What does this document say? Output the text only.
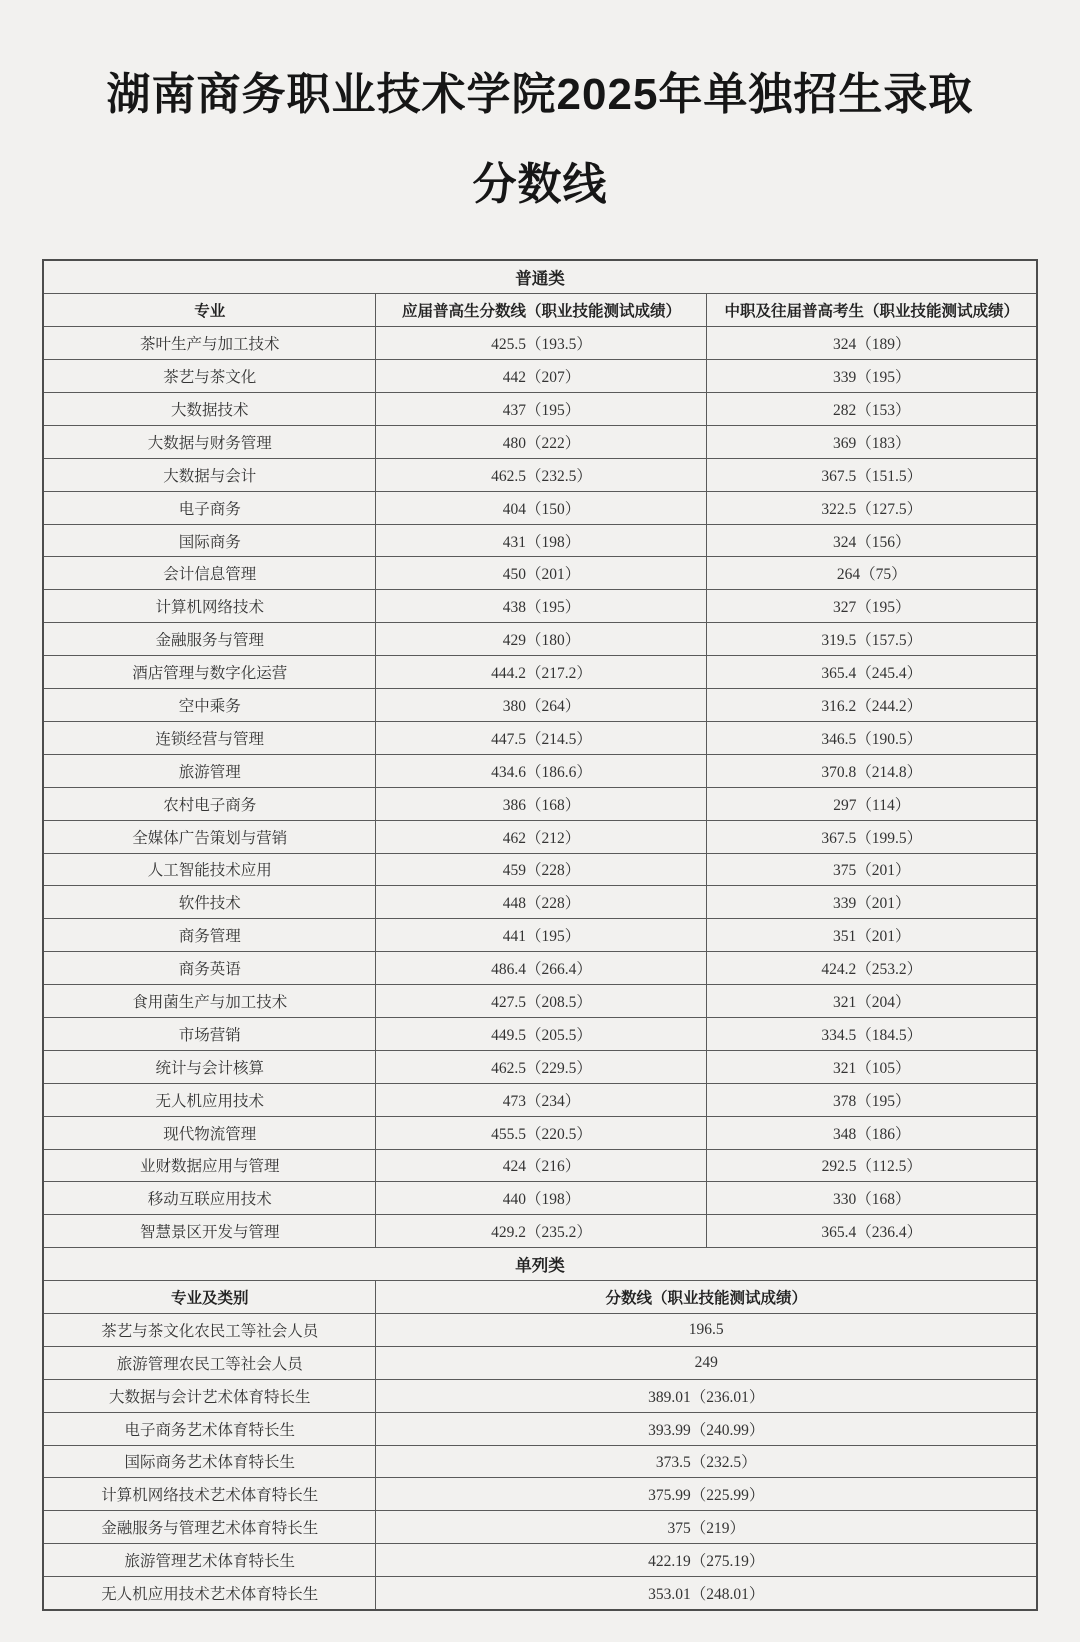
湖南商务职业技术学院2025年单独招生录取
分数线
普通类		
专业	应届普高生分数线（职业技能测试成绩）	中职及往届普高考生（职业技能测试成绩）
茶叶生产与加工技术	425.5（193.5）	324（189）
茶艺与茶文化	442（207）	339（195）
大数据技术	437（195）	282（153）
大数据与财务管理	480（222）	369（183）
大数据与会计	462.5（232.5）	367.5（151.5）
电子商务	404（150）	322.5（127.5）
国际商务	431（198）	324（156）
会计信息管理	450（201）	264（75）
计算机网络技术	438（195）	327（195）
金融服务与管理	429（180）	319.5（157.5）
酒店管理与数字化运营	444.2（217.2）	365.4（245.4）
空中乘务	380（264）	316.2（244.2）
连锁经营与管理	447.5（214.5）	346.5（190.5）
旅游管理	434.6（186.6）	370.8（214.8）
农村电子商务	386（168）	297（114）
全媒体广告策划与营销	462（212）	367.5（199.5）
人工智能技术应用	459（228）	375（201）
软件技术	448（228）	339（201）
商务管理	441（195）	351（201）
商务英语	486.4（266.4）	424.2（253.2）
食用菌生产与加工技术	427.5（208.5）	321（204）
市场营销	449.5（205.5）	334.5（184.5）
统计与会计核算	462.5（229.5）	321（105）
无人机应用技术	473（234）	378（195）
现代物流管理	455.5（220.5）	348（186）
业财数据应用与管理	424（216）	292.5（112.5）
移动互联应用技术	440（198）	330（168）
智慧景区开发与管理	429.2（235.2）	365.4（236.4）
单列类		
专业及类别	分数线（职业技能测试成绩）	
茶艺与茶文化农民工等社会人员	196.5	
旅游管理农民工等社会人员	249	
大数据与会计艺术体育特长生	389.01（236.01）	
电子商务艺术体育特长生	393.99（240.99）	
国际商务艺术体育特长生	373.5（232.5）	
计算机网络技术艺术体育特长生	375.99（225.99）	
金融服务与管理艺术体育特长生	375（219）	
旅游管理艺术体育特长生	422.19（275.19）	
无人机应用技术艺术体育特长生	353.01（248.01）	
